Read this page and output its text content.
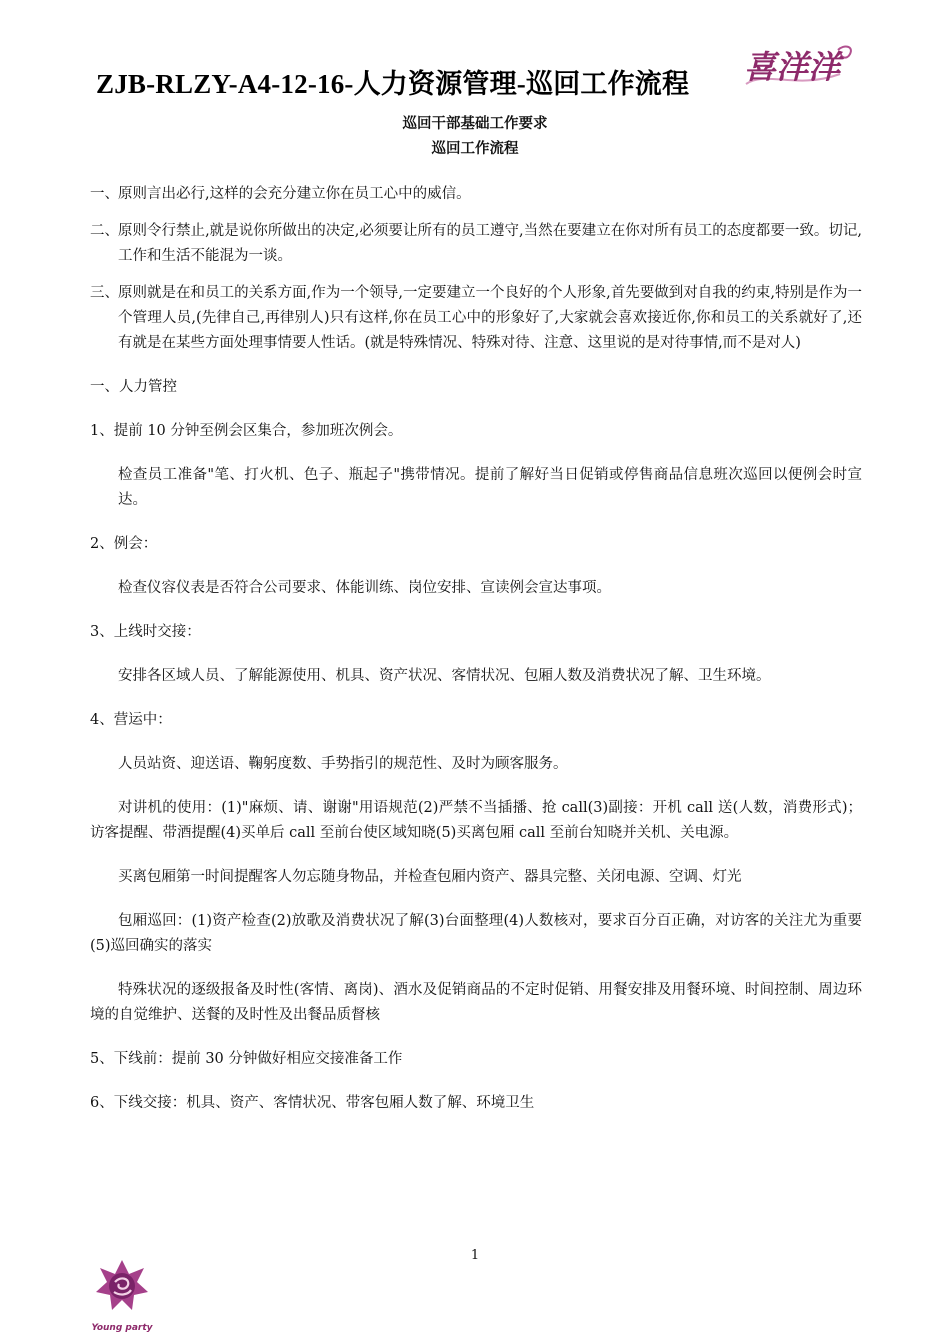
ZJB-RLZY-A4-12-16-人力资源管理-巡回工作流程 喜洋洋

巡回干部基础工作要求

巡回工作流程

一、 原则言出必行,这样的会充分建立你在员工心中的威信。
二、 原则令行禁止,就是说你所做出的决定,必须要让所有的员工遵守,当然在要建立在你对所有员工的态度都要一致。切记,工作和生活不能混为一谈。
三、 原则就是在和员工的关系方面,作为一个领导,一定要建立一个良好的个人形象,首先要做到对自我的约束,特别是作为一个管理人员,(先律自己,再律别人)只有这样,你在员工心中的形象好了,大家就会喜欢接近你,你和员工的关系就好了,还有就是在某些方面处理事情要人性话。(就是特殊情况、特殊对待、注意、这里说的是对待事情,而不是对人)

一、人力管控

1、提前 10 分钟至例会区集合，参加班次例会。

检查员工准备"笔、打火机、色子、瓶起子"携带情况。提前了解好当日促销或停售商品信息班次巡回以便例会时宣达。

2、例会：

检查仪容仪表是否符合公司要求、体能训练、岗位安排、宣读例会宣达事项。

3、上线时交接：

安排各区域人员、了解能源使用、机具、资产状况、客情状况、包厢人数及消费状况了解、卫生环境。

4、营运中：

人员站资、迎送语、鞠躬度数、手势指引的规范性、及时为顾客服务。

对讲机的使用：(1)"麻烦、请、谢谢"用语规范(2)严禁不当插播、抢 call(3)副接：开机 call 送(人数，消费形式)；访客提醒、带酒提醒(4)买单后 call 至前台使区域知晓(5)买离包厢 call 至前台知晓并关机、关电源。

买离包厢第一时间提醒客人勿忘随身物品，并检查包厢内资产、器具完整、关闭电源、空调、灯光

包厢巡回：(1)资产检查(2)放歌及消费状况了解(3)台面整理(4)人数核对，要求百分百正确，对访客的关注尤为重要(5)巡回确实的落实

特殊状况的逐级报备及时性(客情、离岗)、酒水及促销商品的不定时促销、用餐安排及用餐环境、时间控制、周边环境的自觉维护、送餐的及时性及出餐品质督核

5、下线前：提前 30 分钟做好相应交接准备工作

6、下线交接：机具、资产、客情状况、带客包厢人数了解、环境卫生

1

Young party
